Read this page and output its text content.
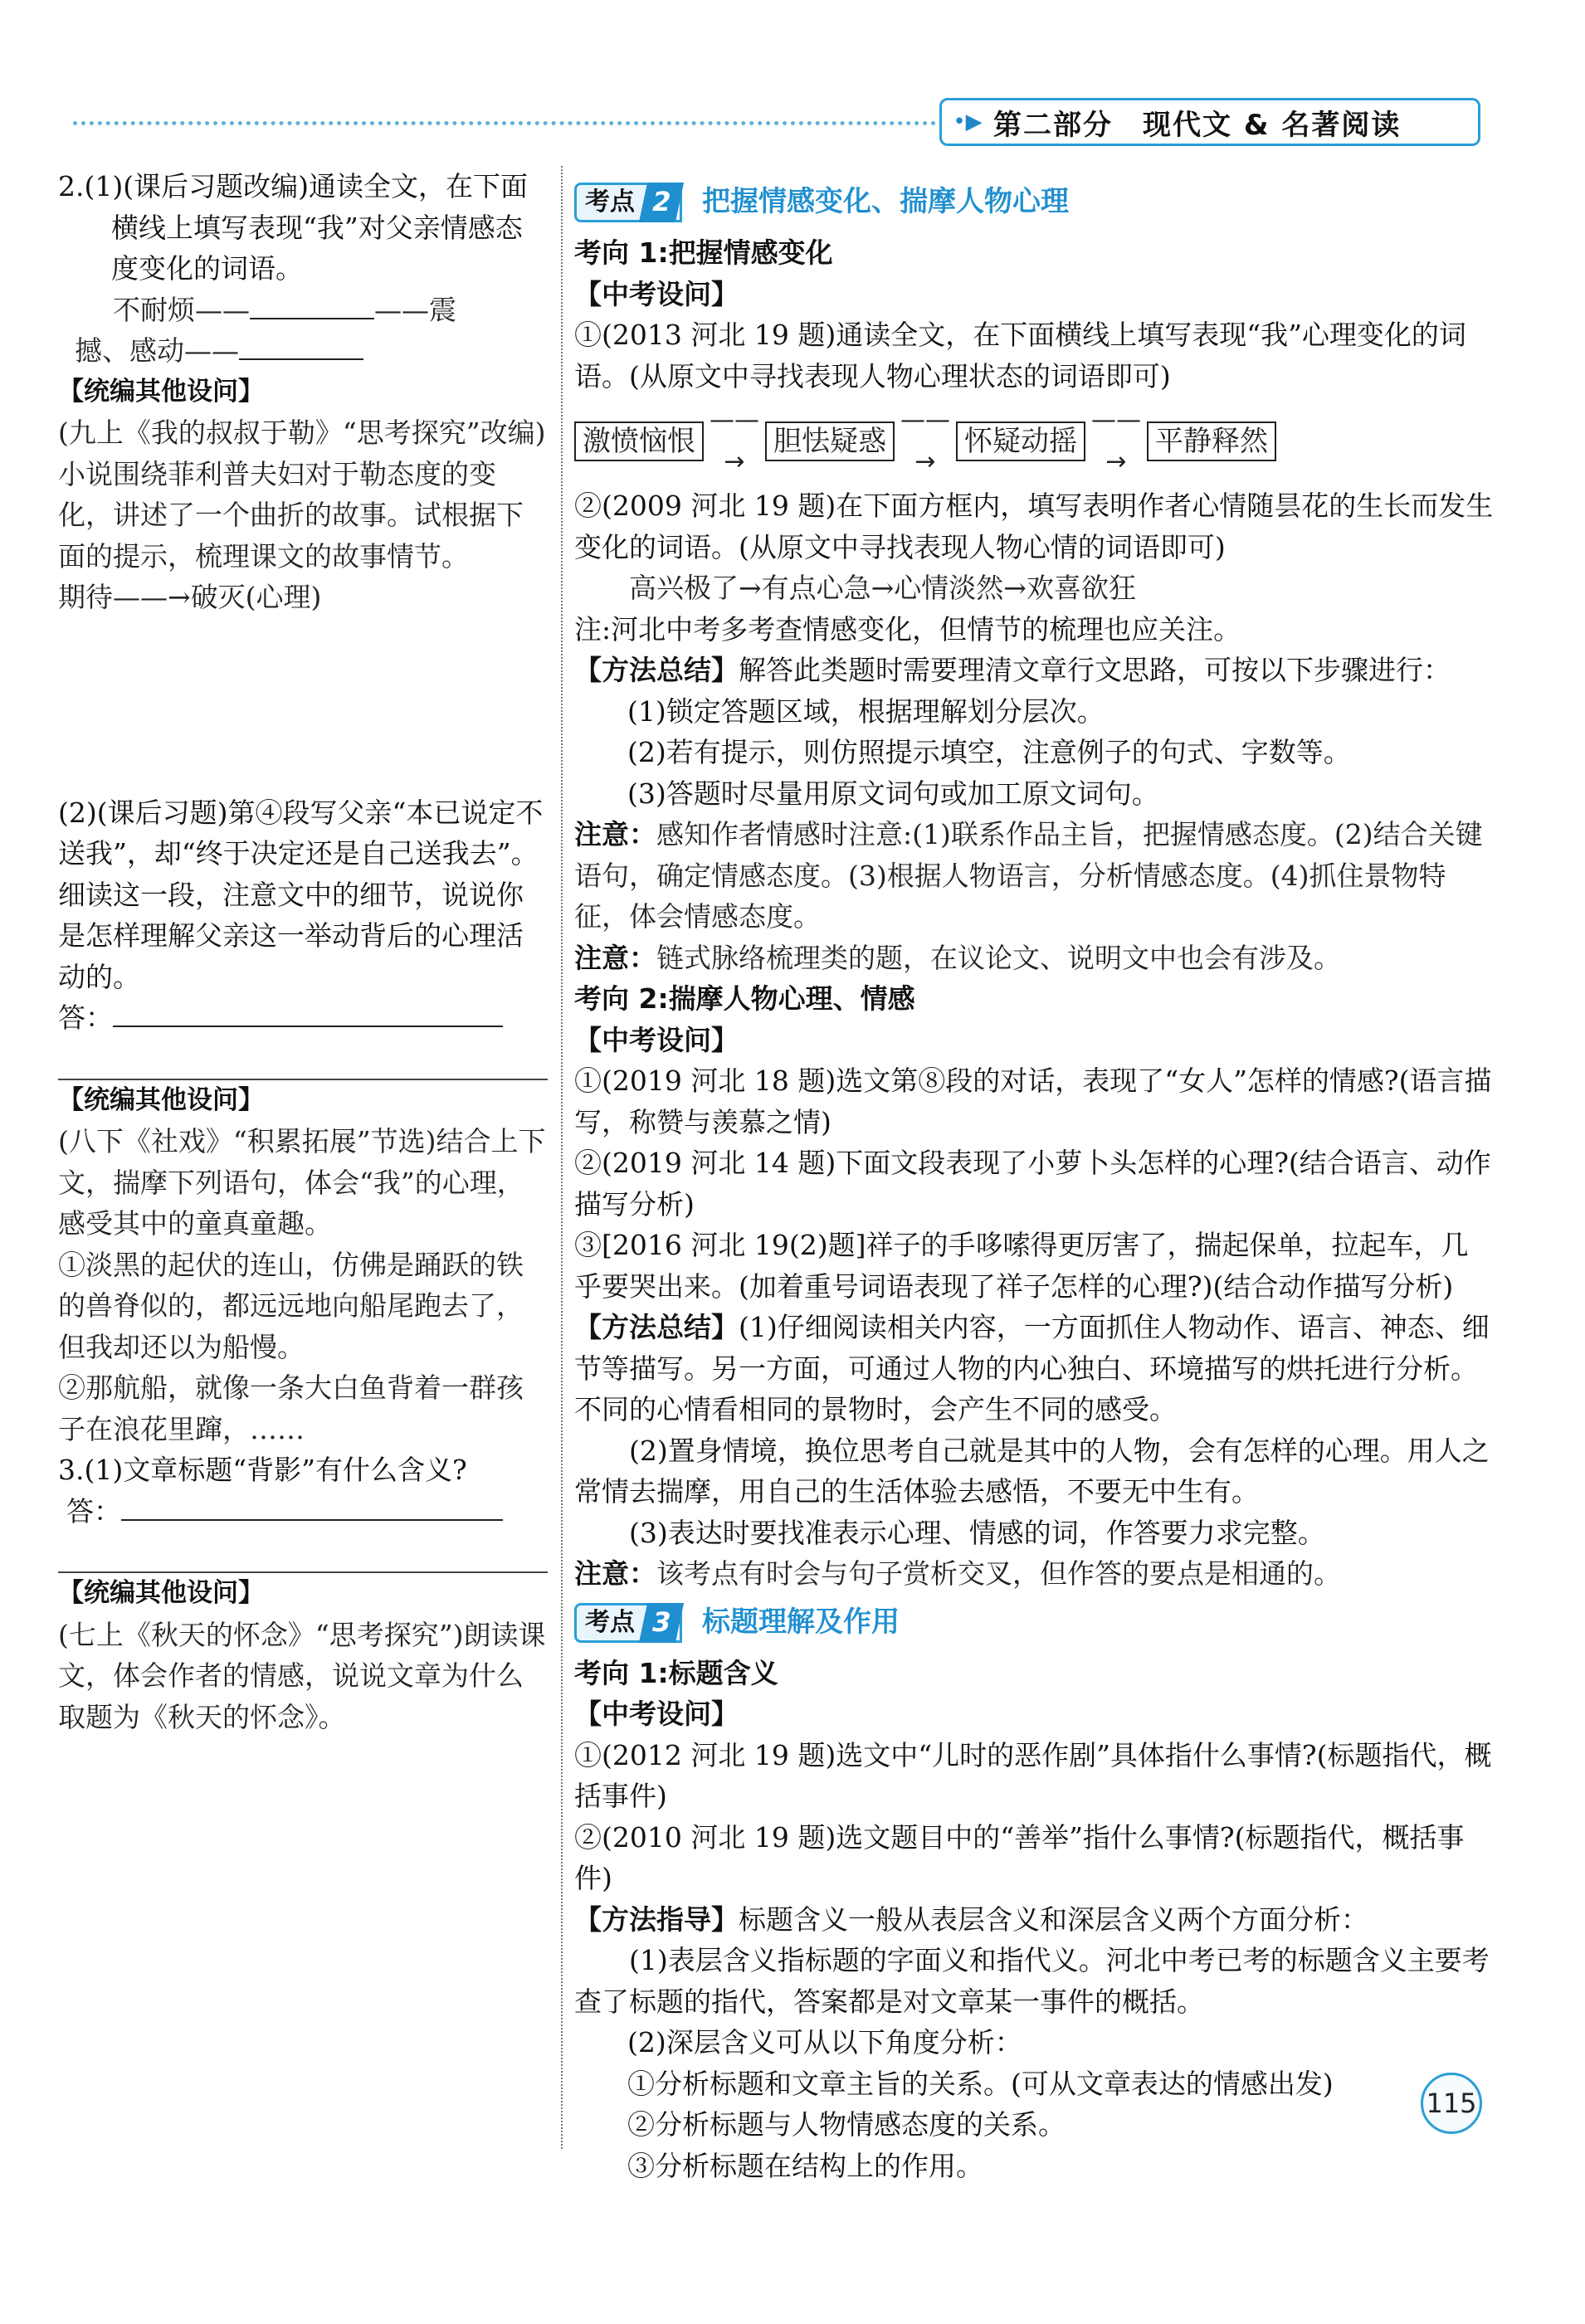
•▶ 第二部分　现代文 & 名著阅读

2.(1)(课后习题改编)通读全文，在下面横线上填写表现“我”对父亲情感态度变化的词语。

不耐烦——	——震

撼、感动——

【统编其他设问】

(九上《我的叔叔于勒》“思考探究”改编)小说围绕菲利普夫妇对于勒态度的变化，讲述了一个曲折的故事。试根据下面的提示，梳理课文的故事情节。

期待——→破灭(心理)

(2)(课后习题)第④段写父亲“本已说定不送我”，却“终于决定还是自己送我去”。细读这一段，注意文中的细节，说说你是怎样理解父亲这一举动背后的心理活动的。

答：

【统编其他设问】

(八下《社戏》“积累拓展”节选)结合上下文，揣摩下列语句，体会“我”的心理，感受其中的童真童趣。

①淡黑的起伏的连山，仿佛是踊跃的铁的兽脊似的，都远远地向船尾跑去了，但我却还以为船慢。

②那航船，就像一条大白鱼背着一群孩子在浪花里蹿，……

3.(1)文章标题“背影”有什么含义?

答：

【统编其他设问】

(七上《秋天的怀念》“思考探究”)朗读课文，体会作者的情感，说说文章为什么取题为《秋天的怀念》。

考点 2 把握情感变化、揣摩人物心理

考向 1:把握情感变化

【中考设问】

①(2013 河北 19 题)通读全文，在下面横线上填写表现“我”心理变化的词语。(从原文中寻找表现人物心理状态的词语即可)

激愤恼恨
——→
胆怯疑惑
——→
怀疑动摇
——→
平静释然

②(2009 河北 19 题)在下面方框内，填写表明作者心情随昙花的生长而发生变化的词语。(从原文中寻找表现人物心情的词语即可)

高兴极了→有点心急→心情淡然→欢喜欲狂

注:河北中考多考查情感变化，但情节的梳理也应关注。

【方法总结】解答此类题时需要理清文章行文思路，可按以下步骤进行：

(1)锁定答题区域，根据理解划分层次。

(2)若有提示，则仿照提示填空，注意例子的句式、字数等。

(3)答题时尽量用原文词句或加工原文词句。

注意：感知作者情感时注意:(1)联系作品主旨，把握情感态度。(2)结合关键语句，确定情感态度。(3)根据人物语言，分析情感态度。(4)抓住景物特征，体会情感态度。

注意：链式脉络梳理类的题，在议论文、说明文中也会有涉及。

考向 2:揣摩人物心理、情感

【中考设问】

①(2019 河北 18 题)选文第⑧段的对话，表现了“女人”怎样的情感?(语言描写，称赞与羡慕之情)

②(2019 河北 14 题)下面文段表现了小萝卜头怎样的心理?(结合语言、动作描写分析)

③[2016 河北 19(2)题]祥子的手哆嗦得更厉害了，揣起保单，拉起车，几乎要哭出来。(加着重号词语表现了祥子怎样的心理?)(结合动作描写分析)

【方法总结】(1)仔细阅读相关内容，一方面抓住人物动作、语言、神态、细节等描写。另一方面，可通过人物的内心独白、环境描写的烘托进行分析。不同的心情看相同的景物时，会产生不同的感受。

(2)置身情境，换位思考自己就是其中的人物，会有怎样的心理。用人之常情去揣摩，用自己的生活体验去感悟，不要无中生有。

(3)表达时要找准表示心理、情感的词，作答要力求完整。

注意：该考点有时会与句子赏析交叉，但作答的要点是相通的。

考点 3 标题理解及作用

考向 1:标题含义

【中考设问】

①(2012 河北 19 题)选文中“儿时的恶作剧”具体指什么事情?(标题指代，概括事件)

②(2010 河北 19 题)选文题目中的“善举”指什么事情?(标题指代，概括事件)

【方法指导】标题含义一般从表层含义和深层含义两个方面分析：

(1)表层含义指标题的字面义和指代义。河北中考已考的标题含义主要考查了标题的指代，答案都是对文章某一事件的概括。

(2)深层含义可从以下角度分析：

①分析标题和文章主旨的关系。(可从文章表达的情感出发)

②分析标题与人物情感态度的关系。

③分析标题在结构上的作用。

115
